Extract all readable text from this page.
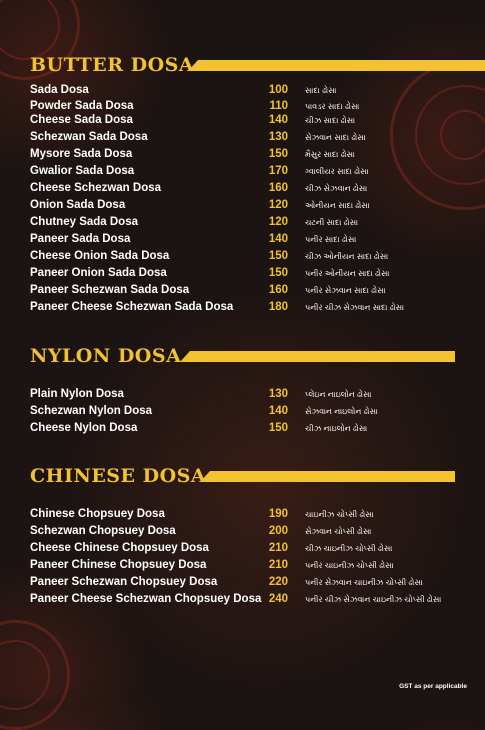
BUTTER DOSA
Sada Dosa	100 સાદા ઢોસા
Powder Sada Dosa	110 પાવડર સાદા ઢોસા
Cheese Sada Dosa	140 ચીઝ સાદા ઢોસા
Schezwan Sada Dosa	130 સેઝવાન સાદા ઢોસા
Mysore Sada Dosa	150 મૈસુર સાદા ઢોસા
Gwalior Sada Dosa	170 ગ્વાલીયર સાદા ઢોસા
Cheese Schezwan Dosa	160 ચીઝ સેઝવાન ઢોસા
Onion Sada Dosa	120 ઓનીયન સાદા ઢોસા
Chutney Sada Dosa	120 ચટની સાદા ઢોસા
Paneer Sada Dosa	140 પનીર સાદા ઢોસા
Cheese Onion Sada Dosa	150 ચીઝ ઓનીયન સાદા ઢોસા
Paneer Onion Sada Dosa	150 પનીર ઓનીયન સાદા ઢોસા
Paneer Schezwan Sada Dosa	160 પનીર સેઝવાન સાદા ઢોસા
Paneer Cheese Schezwan Sada Dosa	180 પનીર ચીઝ સેઝવાન સાદા ઢોસા
NYLON DOSA
Plain Nylon Dosa	130 પ્લેઇન નાઇલોન ઢોસા
Schezwan Nylon Dosa	140 સેઝવાન નાઇલોન ઢોસા
Cheese Nylon Dosa	150 ચીઝ નાઇલોન ઢોસા
CHINESE DOSA
Chinese Chopsuey Dosa	190 ચાઇનીઝ ચોપ્સી ઢોસા
Schezwan Chopsuey Dosa	200 સેઝવાન ચોપ્સી ઢોસા
Cheese Chinese Chopsuey Dosa	210 ચીઝ ચાઇનીઝ ચોપ્સી ઢોસા
Paneer Chinese Chopsuey Dosa	210 પનીર ચાઇનીઝ ચોપ્સી ઢોસા
Paneer Schezwan Chopsuey Dosa	220 પનીર સેઝવાન ચાઇનીઝ ચોપ્સી ઢોસા
Paneer Cheese Schezwan Chopsuey Dosa 240 પનીર ચીઝ સેઝવાન ચાઇનીઝ ચોપ્સી ઢોસા
GST as per applicable
